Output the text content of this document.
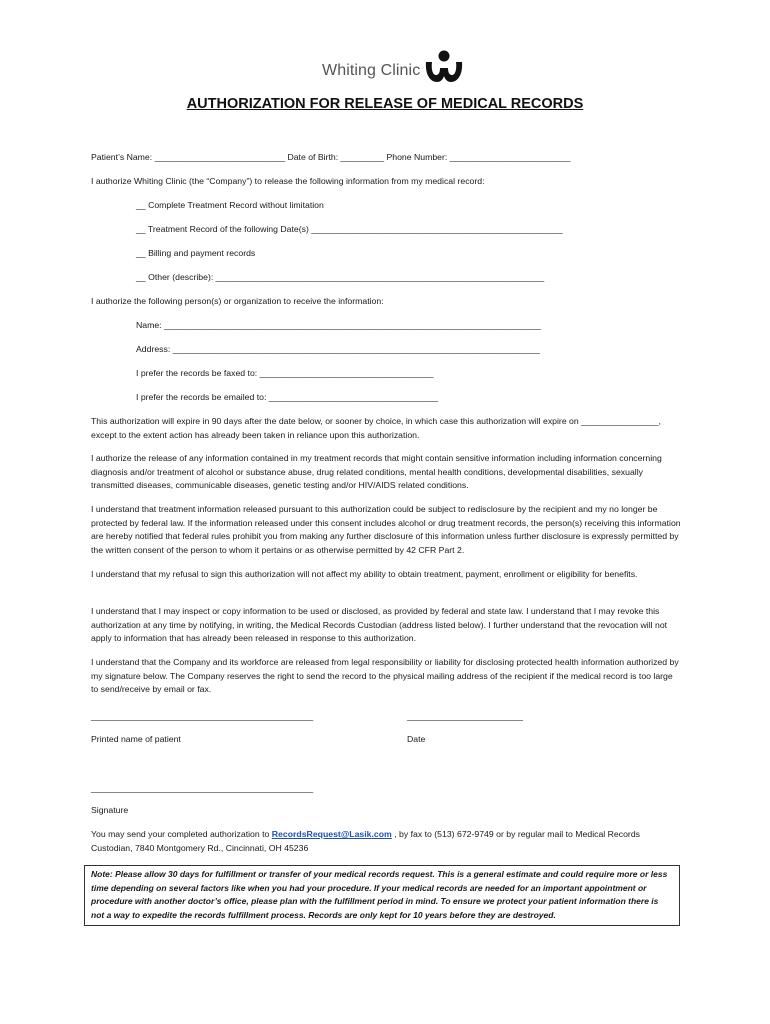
Whiting Clinic
AUTHORIZATION FOR RELEASE OF MEDICAL RECORDS
Patient’s Name: ___________________________ Date of Birth: _________ Phone Number: _________________________
I authorize Whiting Clinic (the “Company”) to release the following information from my medical record:
__ Complete Treatment Record without limitation
__ Treatment Record of the following Date(s) ____________________________________________________
__ Billing and payment records
__ Other (describe): ____________________________________________________________________
I authorize the following person(s) or organization to receive the information:
Name: ______________________________________________________________________________
Address: ____________________________________________________________________________
I prefer the records be faxed to: ____________________________________
I prefer the records be emailed to: ___________________________________
This authorization will expire in 90 days after the date below, or sooner by choice, in which case this authorization will expire on ________________, except to the extent action has already been taken in reliance upon this authorization.
I authorize the release of any information contained in my treatment records that might contain sensitive information including information concerning diagnosis and/or treatment of alcohol or substance abuse, drug related conditions, mental health conditions, developmental disabilities, sexually transmitted diseases, communicable diseases, genetic testing and/or HIV/AIDS related conditions.
I understand that treatment information released pursuant to this authorization could be subject to redisclosure by the recipient and my no longer be protected by federal law. If the information released under this consent includes alcohol or drug treatment records, the person(s) receiving this information are hereby notified that federal rules prohibit you from making any further disclosure of this information unless further disclosure is expressly permitted by the written consent of the person to whom it pertains or as otherwise permitted by 42 CFR Part 2.
I understand that my refusal to sign this authorization will not affect my ability to obtain treatment, payment, enrollment or eligibility for benefits.
I understand that I may inspect or copy information to be used or disclosed, as provided by federal and state law. I understand that I may revoke this authorization at any time by notifying, in writing, the Medical Records Custodian (address listed below). I further understand that the revocation will not apply to information that has already been released in response to this authorization.
I understand that the Company and its workforce are released from legal responsibility or liability for disclosing protected health information authorized by my signature below. The Company reserves the right to send the record to the physical mailing address of the recipient if the medical record is too large to send/receive by email or fax.
______________________________________________	________________________
Printed name of patient	Date
______________________________________________
Signature
You may send your completed authorization to RecordsRequest@Lasik.com , by fax to (513) 672-9749 or by regular mail to Medical Records
Custodian, 7840 Montgomery Rd., Cincinnati, OH 45236
Note: Please allow 30 days for fulfillment or transfer of your medical records request. This is a general estimate and could require more or less time depending on several factors like when you had your procedure. If your medical records are needed for an important appointment or procedure with another doctor’s office, please plan with the fulfillment period in mind. To ensure we protect your patient information there is not a way to expedite the records fulfillment process. Records are only kept for 10 years before they are destroyed.
